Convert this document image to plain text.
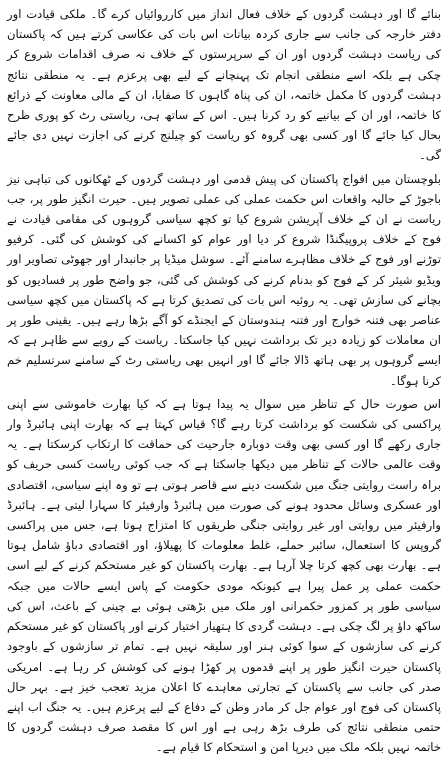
بنائے گا اور دہشت گردوں کے خلاف فعال انداز میں کارروائیاں کرے گا۔ ملکی قیادت اور دفتر خارجہ کی جانب سے جاری کردہ بیانات اس بات کی عکاسی کرتے ہیں کہ پاکستان کی ریاست دہشت گردوں اور ان کے سرپرستوں کے خلاف نہ صرف اقدامات شروع کر چکی ہے بلکہ اسے منطقی انجام تک پہنچانے کے لیے بھی پرعزم ہے۔ یہ منطقی نتائج دہشت گردوں کا مکمل خاتمہ، ان کی پناہ گاہوں کا صفایا، ان کے مالی معاونت کے ذرائع کا خاتمہ، اور ان کے بیانیے کو رد کرنا ہیں۔ اس کے ساتھ ہی، ریاستی رٹ کو پوری طرح بحال کیا جائے گا اور کسی بھی گروہ کو ریاست کو چیلنج کرنے کی اجازت نہیں دی جائے گی۔

بلوچستان میں افواج پاکستان کی پیش قدمی اور دہشت گردوں کے ٹھکانوں کی تباہی نیز باجوڑ کے حالیہ واقعات اس حکمت عملی کی عملی تصویر ہیں۔ حیرت انگیز طور پر، جب ریاست نے ان کے خلاف آپریشن شروع کیا تو کچھ سیاسی گروہوں کی مقامی قیادت نے فوج کے خلاف پروپیگنڈا شروع کر دیا اور عوام کو اکسانے کی کوشش کی گئی۔ کرفیو توڑنے اور فوج کے خلاف مظاہرے سامنے آئے۔ سوشل میڈیا پر جانبدار اور جھوٹی تصاویر اور ویڈیو شیئر کر کے فوج کو بدنام کرنے کی کوشش کی گئی، جو واضح طور پر فسادیوں کو بچانے کی سازش تھی۔ یہ روئیہ اس بات کی تصدیق کرتا ہے کہ پاکستان میں کچھ سیاسی عناصر بھی فتنہ خوارج اور فتنہ ہندوستان کے ایجنڈے کو آگے بڑھا رہے ہیں۔ یقینی طور پر ان معاملات کو زیادہ دیر تک برداشت نہیں کیا جاسکتا۔ ریاست کے رویے سے ظاہر ہے کہ ایسے گروہوں پر بھی ہاتھ ڈالا جائے گا اور انہیں بھی ریاستی رٹ کے سامنے سرتسلیم خم کرنا ہوگا۔

اس صورت حال کے تناظر میں سوال یہ پیدا ہوتا ہے کہ کیا بھارت خاموشی سے اپنی پراکسی کی شکست کو برداشت کرتا رہے گا؟ قیاس کہتا ہے کہ بھارت اپنی ہائبرڈ وار جاری رکھے گا اور کسی بھی وقت دوبارہ جارحیت کی حماقت کا ارتکاب کرسکتا ہے۔ یہ وقت عالمی حالات کے تناظر میں دیکھا جاسکتا ہے کہ جب کوئی ریاست کسی حریف کو براہ راست روایتی جنگ میں شکست دینے سے قاصر ہوتی ہے تو وہ اپنے سیاسی، اقتصادی اور عسکری وسائل محدود ہونے کی صورت میں ہائبرڈ وارفیئر کا سہارا لیتی ہے۔ ہائبرڈ وارفیئر میں روایتی اور غیر روایتی جنگی طریقوں کا امتزاج ہوتا ہے، جس میں پراکسی گروپس کا استعمال، سائبر حملے، غلط معلومات کا پھیلاؤ، اور اقتصادی دباؤ شامل ہوتا ہے۔ بھارت بھی کچھ کرتا چلا آرہا ہے۔ بھارت پاکستان کو غیر مستحکم کرنے کے لیے اسی حکمت عملی پر عمل پیرا ہے کیونکہ مودی حکومت کے پاس ایسے حالات میں جبکہ سیاسی طور پر کمزور حکمرانی اور ملک میں بڑھتی ہوئی بے چینی کے باعث، اس کی ساکھ داؤ پر لگ چکی ہے۔ دہشت گردی کا ہتھیار اختیار کرنے اور پاکستان کو غیر مستحکم کرنے کی سازشوں کے سوا کوئی ہنر اور سلیقہ نہیں ہے۔ تمام تر سازشوں کے باوجود پاکستان حیرت انگیز طور پر اپنے قدموں پر کھڑا ہونے کی کوشش کر رہا ہے۔ امریکی صدر کی جانب سے پاکستان کے تجارتی معاہدے کا اعلان مزید تعجب خیز ہے۔ بہر حال پاکستان کی فوج اور عوام جل کر مادر وطن کے دفاع کے لیے پرعزم ہیں۔ یہ جنگ اب اپنے حتمی منطقی نتائج کی طرف بڑھ رہی ہے اور اس کا مقصد صرف دہشت گردوں کا خاتمہ نہیں بلکہ ملک میں دیرپا امن و استحکام کا قیام ہے۔
